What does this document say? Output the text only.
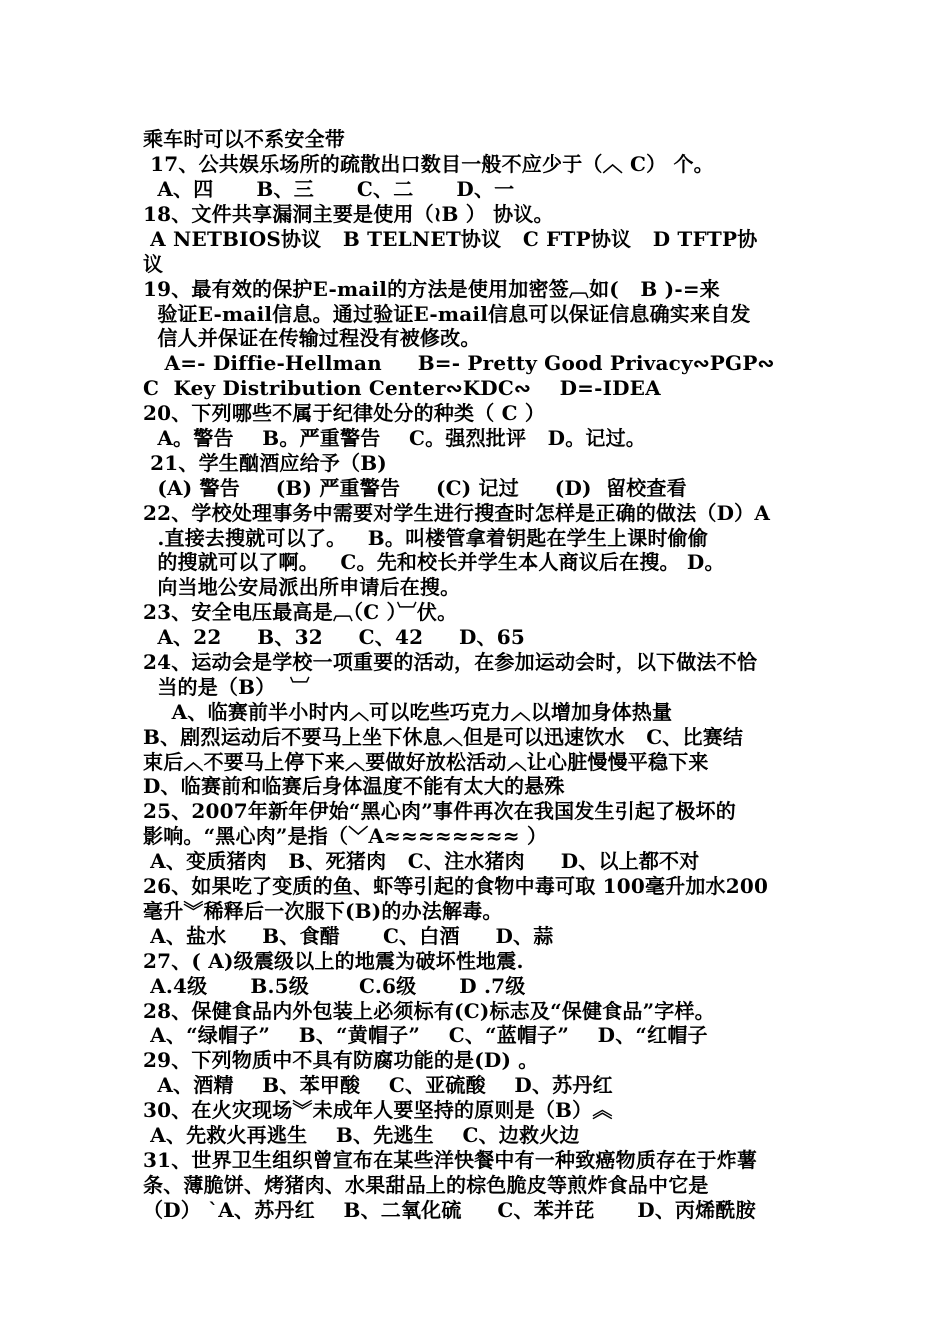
乘车时可以不系安全带
17、公共娱乐场所的疏散出口数目一般不应少于（︿ C） 个。
A、四      B、三      C、二      D、一
18、文件共享漏洞主要是使用（≀B ） 协议。
A NETBIOS协议   B TELNET协议   C FTP协议   D TFTP协
议
19、最有效的保护E-mail的方法是使用加密签︹如(   B )-=来
验证E-mail信息。通过验证E-mail信息可以保证信息确实来自发
信人并保证在传输过程没有被修改。
A=- Diffie-Hellman     B=- Pretty Good Privacy∾PGP∾
C  Key Distribution Center∾KDC∾    D=-IDEA
20、下列哪些不属于纪律处分的种类（ C ）
A。警告    B。严重警告    C。强烈批评   D。记过。
21、学生酗酒应给予（B)
(A) 警告     (B) 严重警告     (C) 记过     (D)  留校查看
22、学校处理事务中需要对学生进行搜查时怎样是正确的做法（D）A
.直接去搜就可以了。   B。叫楼管拿着钥匙在学生上课时偷偷
的搜就可以了啊。   C。先和校长并学生本人商议后在搜。 D。
向当地公安局派出所申请后在搜。
23、安全电压最高是︹（C ）︺伏。
A、22     B、32     C、42     D、65
24、运动会是学校一项重要的活动，在参加运动会时，以下做法不恰
当的是（B）  ︺
A、临赛前半小时内︿可以吃些巧克力︿以增加身体热量
B、剧烈运动后不要马上坐下休息︿但是可以迅速饮水   C、比赛结
束后︿不要马上停下来︿要做好放松活动︿让心脏慢慢平稳下来
D、临赛前和临赛后身体温度不能有太大的悬殊
25、2007年新年伊始“黑心肉”事件再次在我国发生引起了极坏的
影响。“黑心肉”是指（﹀A≈≈≈≈≈≈≈≈ ）
A、变质猪肉   B、死猪肉   C、注水猪肉     D、以上都不对
26、如果吃了变质的鱼、虾等引起的食物中毒可取 100毫升加水200
毫升︾稀释后一次服下(B)的办法解毒。
A、盐水     B、食醋      C、白酒     D、蒜
27、( A)级震级以上的地震为破坏性地震.
A.4级      B.5级       C.6级      D .7级
28、保健食品内外包装上必须标有(C)标志及“保健食品”字样。
A、“绿帽子”    B、“黄帽子”    C、“蓝帽子”    D、“红帽子
29、下列物质中不具有防腐功能的是(D) 。
A、酒精    B、苯甲酸    C、亚硫酸    D、苏丹红
30、在火灾现场︾未成年人要坚持的原则是（B）︽
A、先救火再逃生    B、先逃生    C、边救火边
31、世界卫生组织曾宣布在某些洋快餐中有一种致癌物质存在于炸薯
条、薄脆饼、烤猪肉、水果甜品上的棕色脆皮等煎炸食品中它是
（D） `A、苏丹红    B、二氧化硫     C、苯并芘      D、丙烯酰胺
